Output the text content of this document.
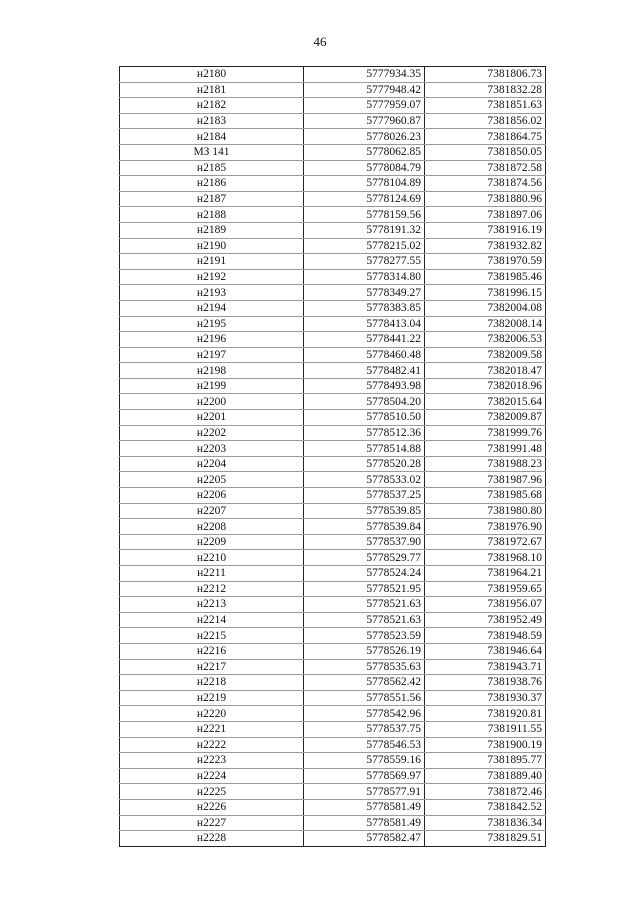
46
н2180	5777934.35	7381806.73
н2181	5777948.42	7381832.28
н2182	5777959.07	7381851.63
н2183	5777960.87	7381856.02
н2184	5778026.23	7381864.75
МЗ 141	5778062.85	7381850.05
н2185	5778084.79	7381872.58
н2186	5778104.89	7381874.56
н2187	5778124.69	7381880.96
н2188	5778159.56	7381897.06
н2189	5778191.32	7381916.19
н2190	5778215.02	7381932.82
н2191	5778277.55	7381970.59
н2192	5778314.80	7381985.46
н2193	5778349.27	7381996.15
н2194	5778383.85	7382004.08
н2195	5778413.04	7382008.14
н2196	5778441.22	7382006.53
н2197	5778460.48	7382009.58
н2198	5778482.41	7382018.47
н2199	5778493.98	7382018.96
н2200	5778504.20	7382015.64
н2201	5778510.50	7382009.87
н2202	5778512.36	7381999.76
н2203	5778514.88	7381991.48
н2204	5778520.28	7381988.23
н2205	5778533.02	7381987.96
н2206	5778537.25	7381985.68
н2207	5778539.85	7381980.80
н2208	5778539.84	7381976.90
н2209	5778537.90	7381972.67
н2210	5778529.77	7381968.10
н2211	5778524.24	7381964.21
н2212	5778521.95	7381959.65
н2213	5778521.63	7381956.07
н2214	5778521.63	7381952.49
н2215	5778523.59	7381948.59
н2216	5778526.19	7381946.64
н2217	5778535.63	7381943.71
н2218	5778562.42	7381938.76
н2219	5778551.56	7381930.37
н2220	5778542.96	7381920.81
н2221	5778537.75	7381911.55
н2222	5778546.53	7381900.19
н2223	5778559.16	7381895.77
н2224	5778569.97	7381889.40
н2225	5778577.91	7381872.46
н2226	5778581.49	7381842.52
н2227	5778581.49	7381836.34
н2228	5778582.47	7381829.51
